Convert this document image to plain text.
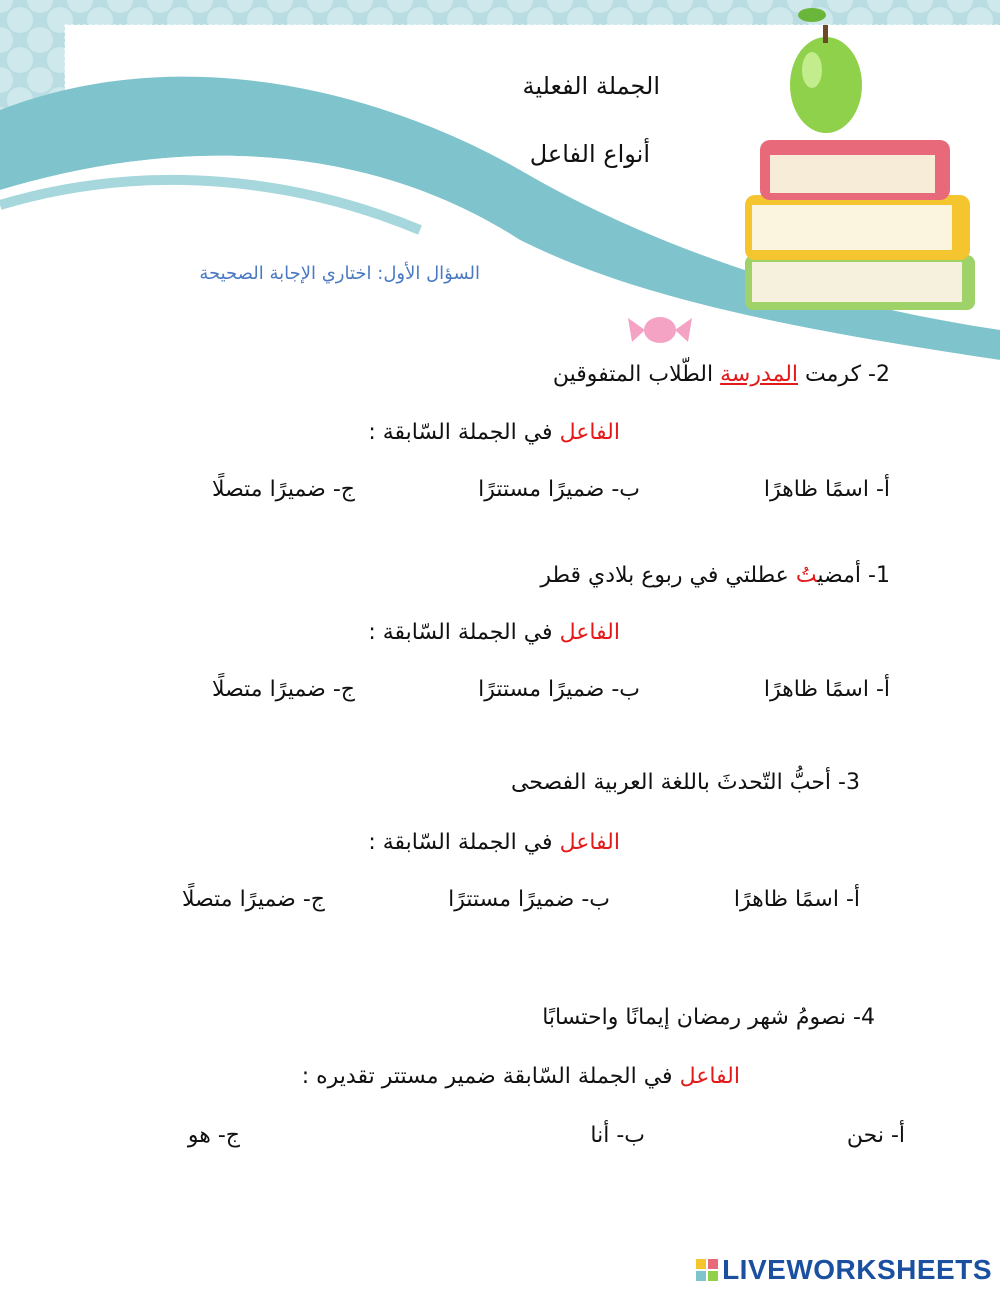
الجملة الفعلية
أنواع الفاعل
السؤال الأول: اختاري الإجابة الصحيحة
2- كرمت المدرسة الطّلاب المتفوقين
الفاعل في الجملة السّابقة :
أ- اسمًا ظاهرًا
ب- ضميرًا مستترًا
ج- ضميرًا متصلًا
1- أمضيتُ عطلتي في ربوع بلادي قطر
الفاعل في الجملة السّابقة :
أ- اسمًا ظاهرًا
ب- ضميرًا مستترًا
ج- ضميرًا متصلًا
3- أحبُّ التّحدثَ باللغة العربية الفصحى
الفاعل في الجملة السّابقة :
أ- اسمًا ظاهرًا
ب- ضميرًا مستترًا
ج- ضميرًا متصلًا
4- نصومُ شهر رمضان إيمانًا واحتسابًا
الفاعل في الجملة السّابقة ضمير مستتر تقديره :
أ- نحن
ب- أنا
ج- هو
LIVEWORKSHEETS
